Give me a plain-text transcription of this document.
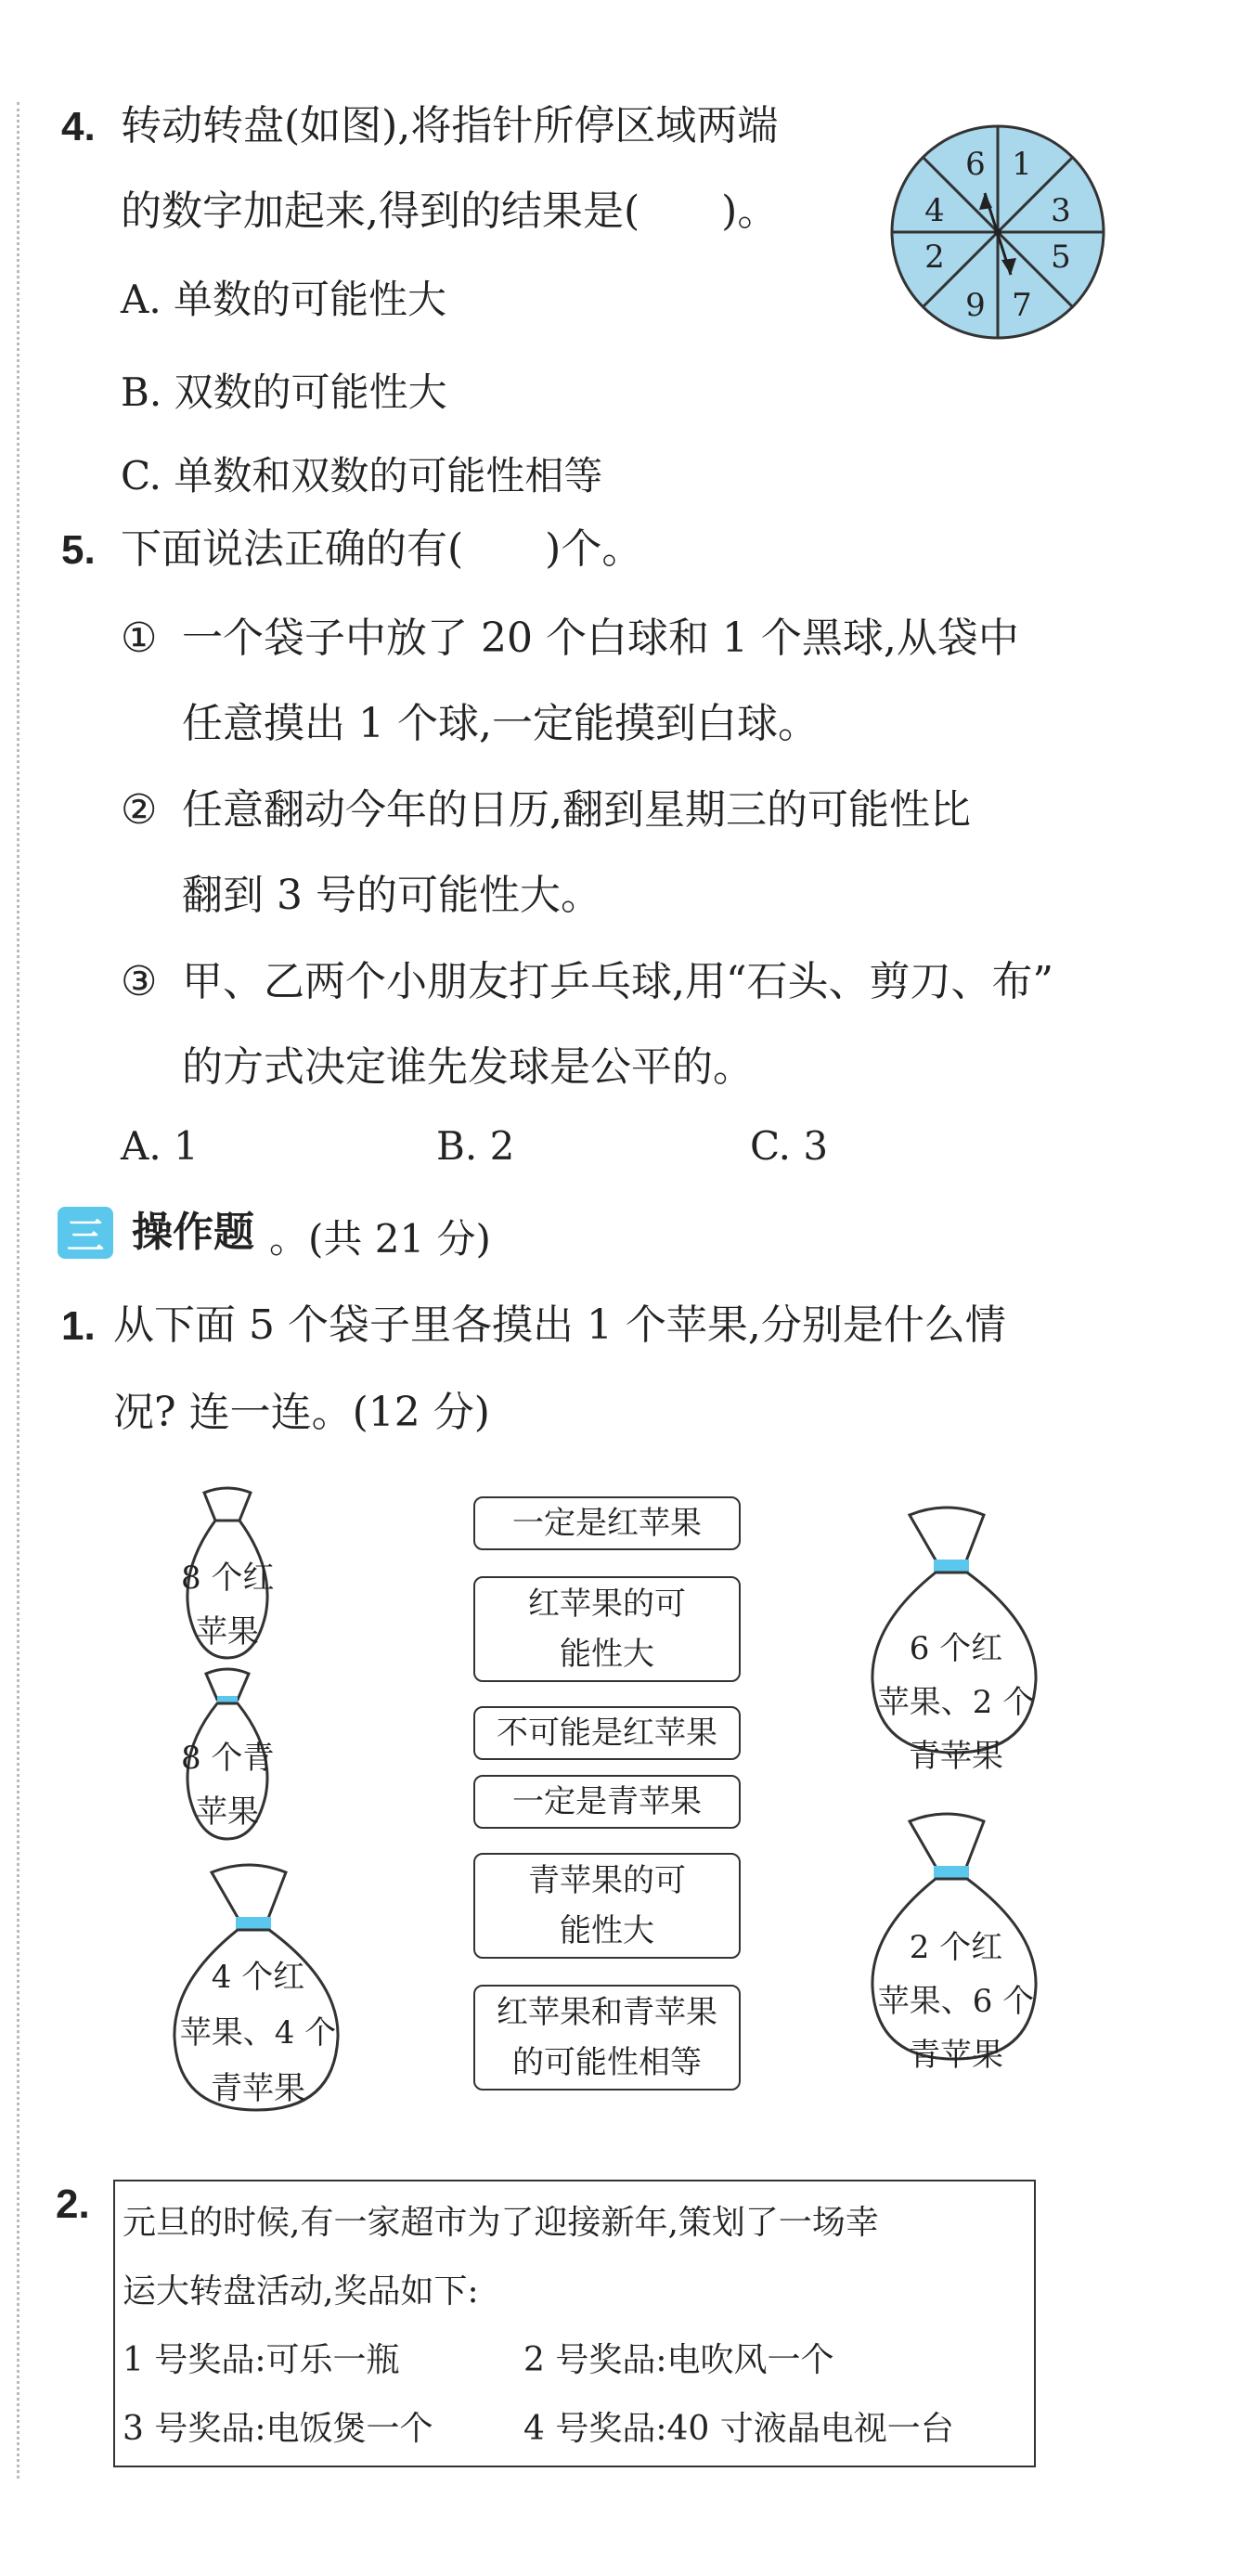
4. 转动转盘(如图),将指针所停区域两端
的数字加起来,得到的结果是(　　)。
A. 单数的可能性大
B. 双数的可能性大
C. 单数和双数的可能性相等
6 1
3
5
7
9
2
4
5. 下面说法正确的有(　　)个。
① 一个袋子中放了 20 个白球和 1 个黑球,从袋中
任意摸出 1 个球,一定能摸到白球。
② 任意翻动今年的日历,翻到星期三的可能性比
翻到 3 号的可能性大。
③ 甲、乙两个小朋友打乒乓球,用“石头、剪刀、布”
的方式决定谁先发球是公平的。
A. 1	B. 2	C. 3
三 操作题 。(共 21 分)
1. 从下面 5 个袋子里各摸出 1 个苹果,分别是什么情
况? 连一连。(12 分)
8 个红
苹果
8 个青
苹果
4 个红
苹果、4 个
青苹果
一定是红苹果
红苹果的可
能性大
不可能是红苹果
一定是青苹果
青苹果的可
能性大
红苹果和青苹果
的可能性相等
6 个红
苹果、2 个
青苹果
2 个红
苹果、6 个
青苹果
2. 元旦的时候,有一家超市为了迎接新年,策划了一场幸
运大转盘活动,奖品如下:
1 号奖品:可乐一瓶	2 号奖品:电吹风一个
3 号奖品:电饭煲一个	4 号奖品:40 寸液晶电视一台
